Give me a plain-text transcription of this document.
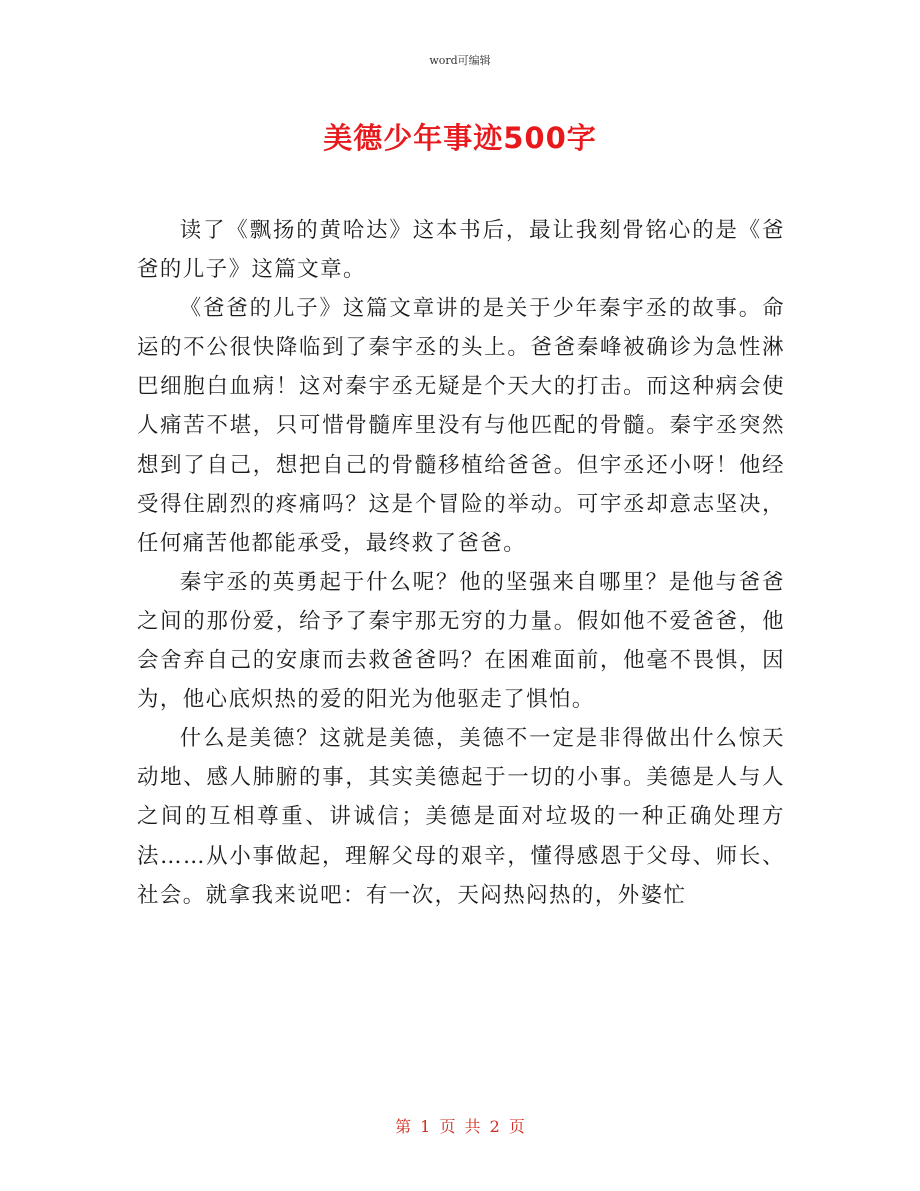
word可编辑
美德少年事迹500字

读了《飘扬的黄哈达》这本书后，最让我刻骨铭心的是《爸爸的儿子》这篇文章。

《爸爸的儿子》这篇文章讲的是关于少年秦宇丞的故事。命运的不公很快降临到了秦宇丞的头上。爸爸秦峰被确诊为急性淋巴细胞白血病！这对秦宇丞无疑是个天大的打击。而这种病会使人痛苦不堪，只可惜骨髓库里没有与他匹配的骨髓。秦宇丞突然想到了自己，想把自己的骨髓移植给爸爸。但宇丞还小呀！他经受得住剧烈的疼痛吗？这是个冒险的举动。可宇丞却意志坚决，任何痛苦他都能承受，最终救了爸爸。

秦宇丞的英勇起于什么呢？他的坚强来自哪里？是他与爸爸之间的那份爱，给予了秦宇那无穷的力量。假如他不爱爸爸，他会舍弃自己的安康而去救爸爸吗？在困难面前，他毫不畏惧，因为，他心底炽热的爱的阳光为他驱走了惧怕。

什么是美德？这就是美德，美德不一定是非得做出什么惊天动地、感人肺腑的事，其实美德起于一切的小事。美德是人与人之间的互相尊重、讲诚信；美德是面对垃圾的一种正确处理方法……从小事做起，理解父母的艰辛，懂得感恩于父母、师长、社会。就拿我来说吧：有一次，天闷热闷热的，外婆忙

第 1 页 共 2 页
